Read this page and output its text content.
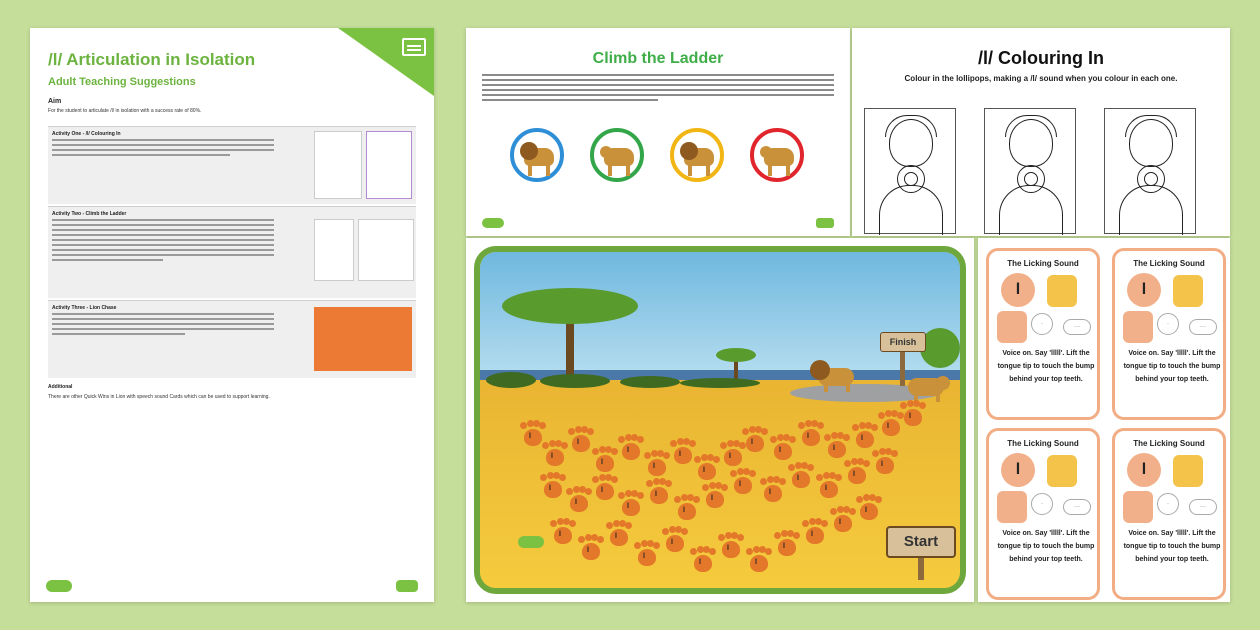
/l/ Articulation in Isolation
Adult Teaching Suggestions
Aim
For the student to articulate /l/ in isolation with a success rate of 80%.
Activity One - /l/ Colouring In
Activity Two - Climb the Ladder
Activity Three - Lion Chase
Additional
There are other Quick Wins in Lion with speech sound Cards which can be used to support learning.
Climb the Ladder	/l/ Colouring In
Colour in the lollipops, making a /l/ sound when you colour in each one.
Finish
l
l
l
l
l
l
l
l
l
l
l
l
l
l
l
l
l
l
l
l
l
l
l
l
l
l
l
l
l
l
l
l
l
l
l
l
l
l
l
l
l
Start
The Licking Sound
l
·	···
Voice on. Say 'lllll'. Lift the tongue tip to touch the bump behind your top teeth.
The Licking Sound
l
·	···
Voice on. Say 'lllll'. Lift the tongue tip to touch the bump behind your top teeth.
The Licking Sound
l
·	···
Voice on. Say 'lllll'. Lift the tongue tip to touch the bump behind your top teeth.
The Licking Sound
l
·	···
Voice on. Say 'lllll'. Lift the tongue tip to touch the bump behind your top teeth.
